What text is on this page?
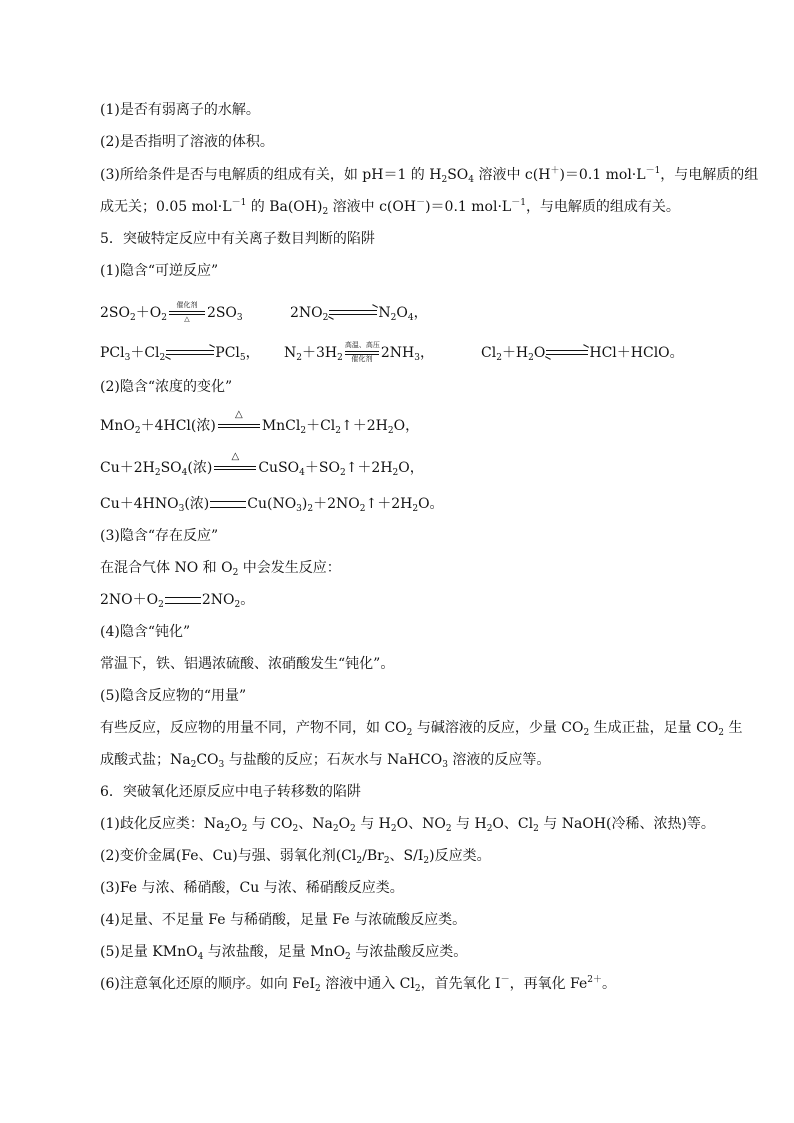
(1)是否有弱离子的水解。
(2)是否指明了溶液的体积。
(3)所给条件是否与电解质的组成有关，如 pH＝1 的 $H_2SO_4$ 溶液中 c(H＋)＝0.1 $mol\cdot L^{-1}$，与电解质的组
成无关；0.05 $mol\cdot L^{-1}$ 的 $Ba(OH)_2$ 溶液中 c(OH－)＝0.1 $mol\cdot L^{-1}$，与电解质的组成有关。
5．突破特定反应中有关离子数目判断的陷阱
(1)隐含“可逆反应”
$2SO_2+O_2$
催化剂
△	$2SO_3$	$2NO_2\rightleftharpoons N_2O_4$，
$PCl_3+Cl_2\rightleftharpoons PCl_5$， $N_2+3H_2$
高温、高压
催化剂 $2NH_3$，	$Cl_2+H_2O\rightleftharpoons HCl+HClO$。
(2)隐含“浓度的变化”
MnO$_2$＋4HCl(浓)
△
$MnCl_2+Cl_2↑+2H_2O$，
$Cu+2H_2SO_4$(浓)
△
$CuSO_4+SO_2↑+2H_2O$，
$Cu+4HNO_3$(浓)	$Cu(NO_3)_2+2NO_2↑+2H_2O$。
(3)隐含“存在反应”
在混合气体 NO 和 $O_2$ 中会发生反应：
$2NO+O_2$	$2NO_2$。
(4)隐含“钝化”
常温下，铁、铝遇浓硫酸、浓硝酸发生“钝化”。
(5)隐含反应物的“用量”
有些反应，反应物的用量不同，产物不同，如 $CO_2$ 与碱溶液的反应，少量 $CO_2$ 生成正盐，足量 $CO_2$ 生
成酸式盐；$Na_2CO_3$ 与盐酸的反应；石灰水与 NaHCO$_3$ 溶液的反应等。
6．突破氧化还原反应中电子转移数的陷阱
(1)歧化反应类：$Na_2O_2$ 与 $CO_2$、$Na_2O_2$ 与 $H_2O$、$NO_2$ 与 $H_2O$、$Cl_2$ 与 NaOH(冷稀、浓热)等。
(2)变价金属(Fe、Cu)与强、弱氧化剂($Cl_2/Br_2$、$S/I_2$)反应类。
(3)Fe 与浓、稀硝酸，Cu 与浓、稀硝酸反应类。
(4)足量、不足量 Fe 与稀硝酸，足量 Fe 与浓硫酸反应类。
(5)足量 KMnO$_4$ 与浓盐酸，足量 MnO$_2$ 与浓盐酸反应类。
(6)注意氧化还原的顺序。如向 FeI$_2$ 溶液中通入 $Cl_2$，首先氧化 I－，再氧化 $Fe^{2+}$。
